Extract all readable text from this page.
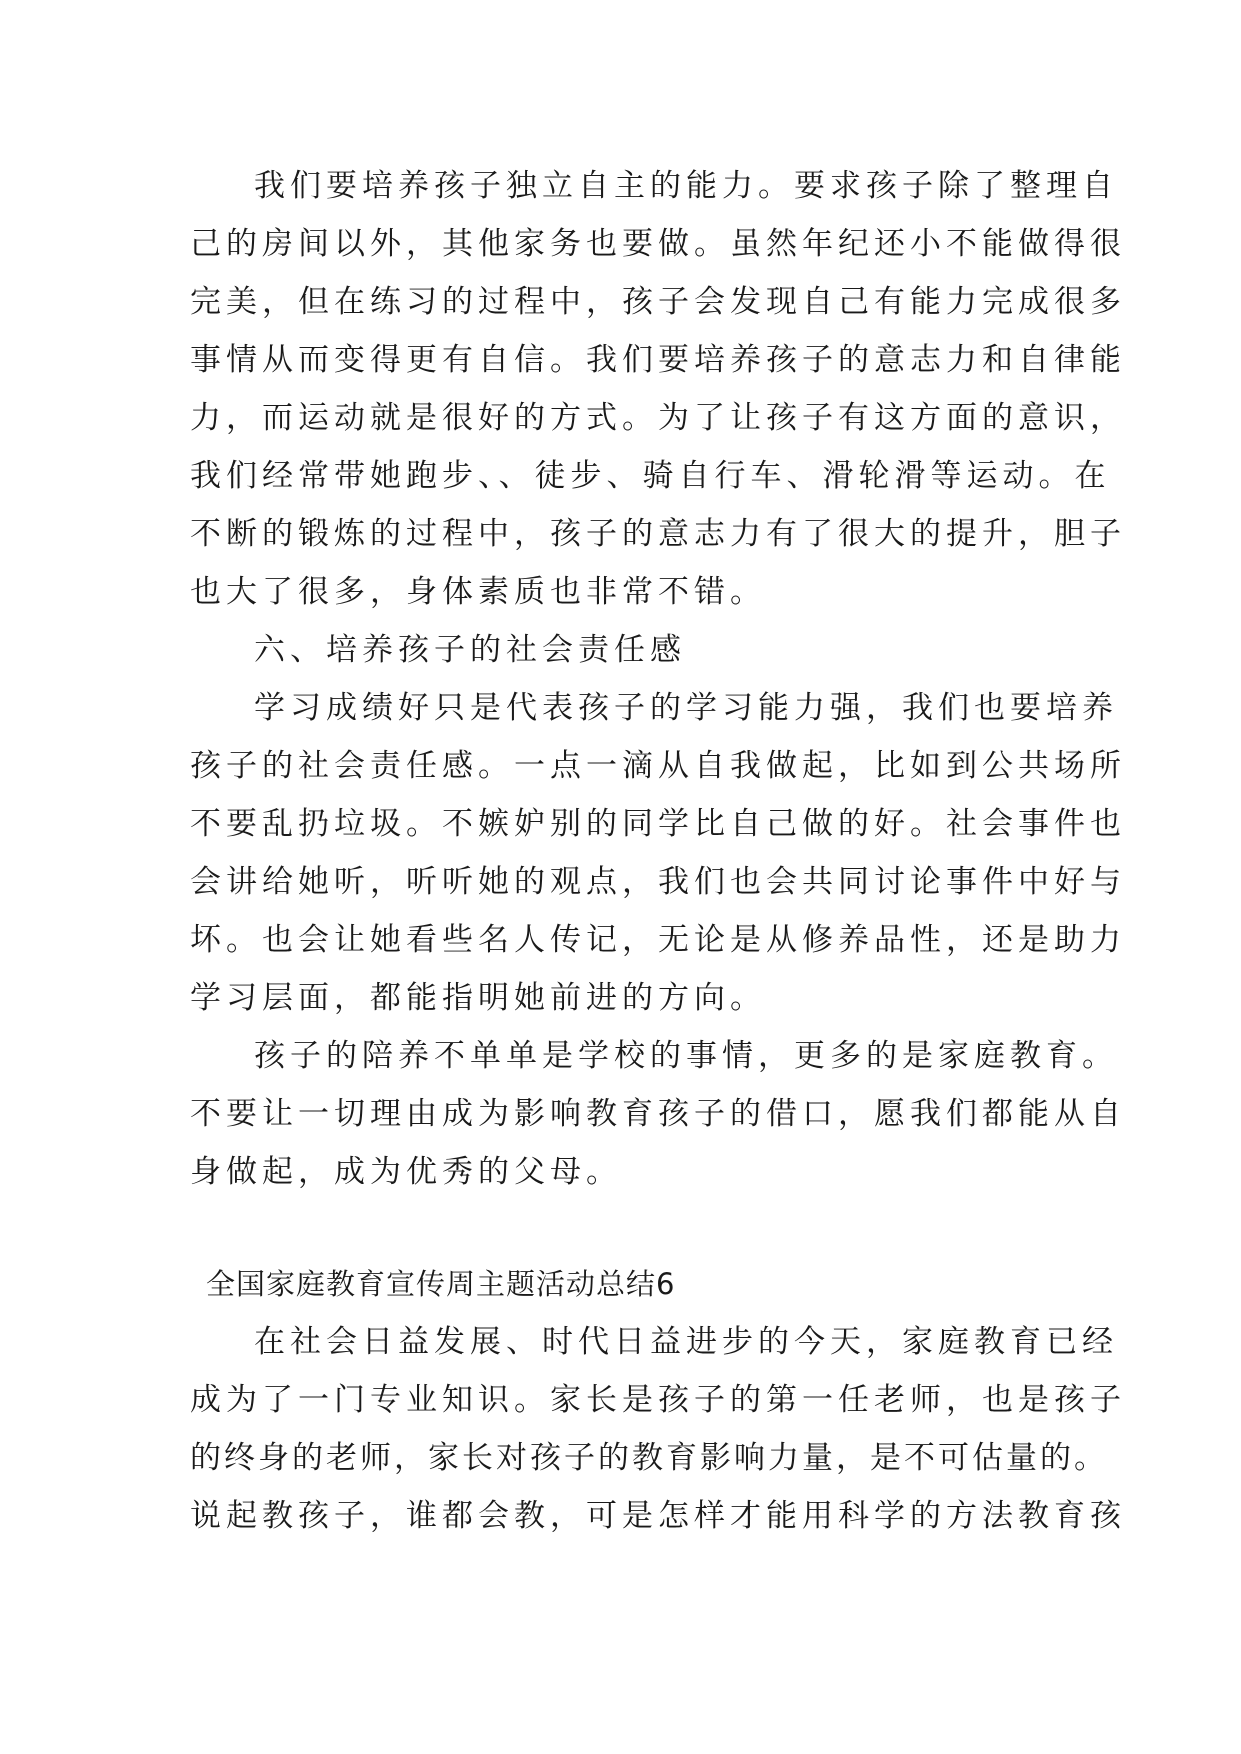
我们要培养孩子独立自主的能力。要求孩子除了整理自
己的房间以外，其他家务也要做。虽然年纪还小不能做得很
完美，但在练习的过程中，孩子会发现自己有能力完成很多
事情从而变得更有自信。我们要培养孩子的意志力和自律能
力，而运动就是很好的方式。为了让孩子有这方面的意识，
我们经常带她跑步、、徒步、骑自行车、滑轮滑等运动。在
不断的锻炼的过程中，孩子的意志力有了很大的提升，胆子
也大了很多，身体素质也非常不错。
六、培养孩子的社会责任感
学习成绩好只是代表孩子的学习能力强，我们也要培养
孩子的社会责任感。一点一滴从自我做起，比如到公共场所
不要乱扔垃圾。不嫉妒别的同学比自己做的好。社会事件也
会讲给她听，听听她的观点，我们也会共同讨论事件中好与
坏。也会让她看些名人传记，无论是从修养品性，还是助力
学习层面，都能指明她前进的方向。
孩子的陪养不单单是学校的事情，更多的是家庭教育。
不要让一切理由成为影响教育孩子的借口，愿我们都能从自
身做起，成为优秀的父母。
全国家庭教育宣传周主题活动总结6
在社会日益发展、时代日益进步的今天，家庭教育已经
成为了一门专业知识。家长是孩子的第一任老师，也是孩子
的终身的老师，家长对孩子的教育影响力量，是不可估量的。
说起教孩子，谁都会教，可是怎样才能用科学的方法教育孩
